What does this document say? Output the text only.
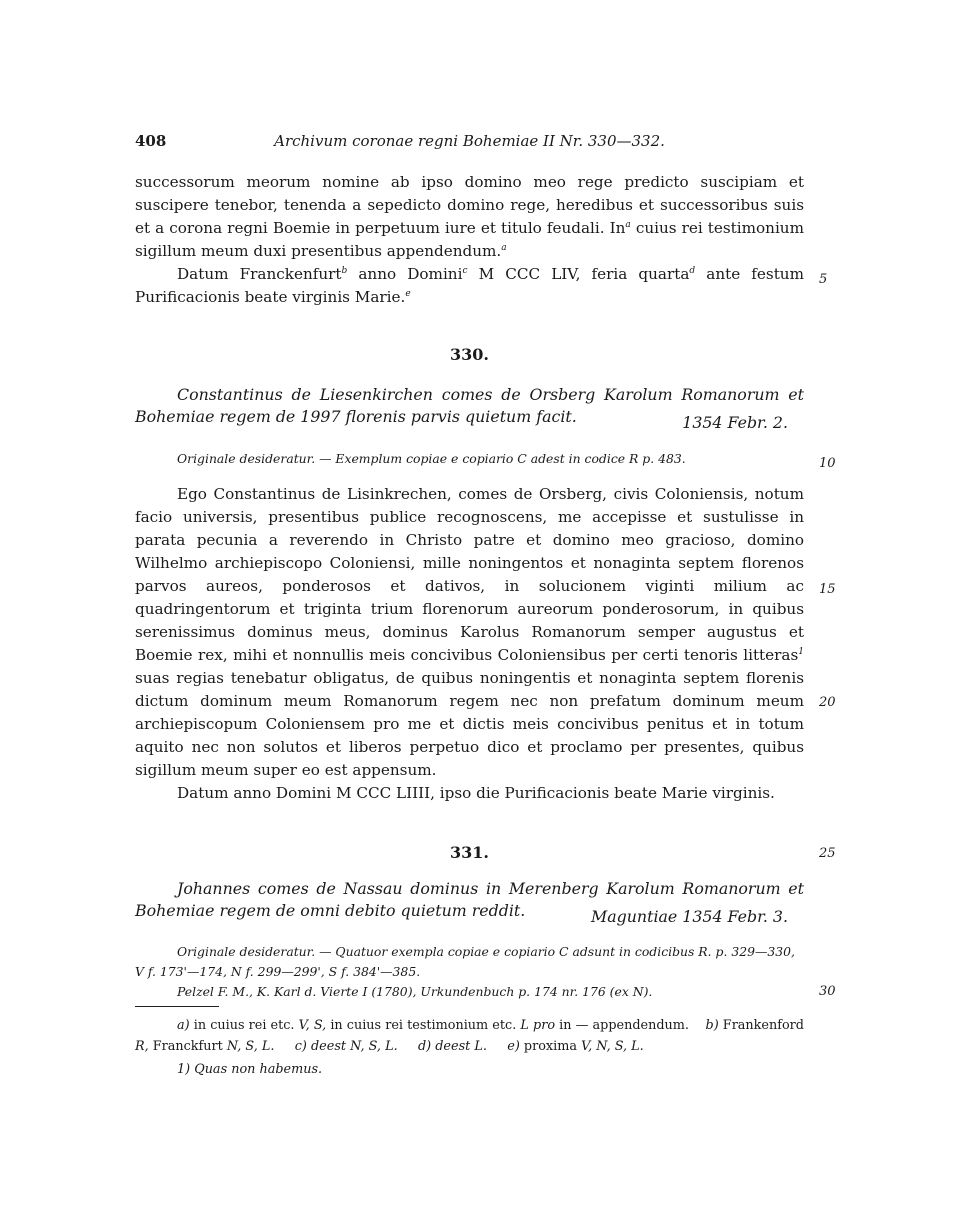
408	Archivum coronae regni Bohemiae II Nr. 330—332.

successorum meorum nomine ab ipso domino meo rege predicto suscipiam et suscipere tenebor, tenenda a sepedicto domino rege, heredibus et successoribus suis et a corona regni Boemie in perpetuum iure et titulo feudali. In$^a$ cuius rei testimonium sigillum meum duxi presentibus appendendum.$^a$

Datum Franckenfurt$^b$ anno Domini$^c$ M CCC LIV, feria quarta$^d$ ante festum Purificacionis beate virginis Marie.$^e$

330.

Constantinus de Liesenkirchen comes de Orsberg Karolum Romanorum et Bohemiae regem de 1997 florenis parvis quietum facit.	1354 Febr. 2.
Originale desideratur. — Exemplum copiae e copiario C adest in codice R p. 483.

Ego Constantinus de Lisinkrechen, comes de Orsberg, civis Coloniensis, notum facio universis, presentibus publice recognoscens, me accepisse et sustulisse in parata pecunia a reverendo in Christo patre et domino meo gracioso, domino Wilhelmo archiepiscopo Coloniensi, mille noningentos et nonaginta septem florenos parvos aureos, ponderosos et dativos, in solucionem viginti milium ac quadringentorum et triginta trium florenorum aureorum ponderosorum, in quibus serenissimus dominus meus, dominus Karolus Romanorum semper augustus et Boemie rex, mihi et nonnullis meis concivibus Coloniensibus per certi tenoris litteras$^1$ suas regias tenebatur obligatus, de quibus noningentis et nonaginta septem florenis dictum dominum meum Romanorum regem nec non prefatum dominum meum archiepiscopum Coloniensem pro me et dictis meis concivibus penitus et in totum aquito nec non solutos et liberos perpetuo dico et proclamo per presentes, quibus sigillum meum super eo est appensum.

Datum anno Domini M CCC LIIII, ipso die Purificacionis beate Marie virginis.

331.

Johannes comes de Nassau dominus in Merenberg Karolum Romanorum et Bohemiae regem de omni debito quietum reddit.	Maguntiae 1354 Febr. 3.

Originale desideratur. — Quatuor exempla copiae e copiario C adsunt in codicibus R. p. 329—330, V f. 173'—174, N f. 299—299', S f. 384'—385.

Pelzel F. M., K. Karl d. Vierte I (1780), Urkundenbuch p. 174 nr. 176 (ex N).

a) in cuius rei etc. V, S, in cuius rei testimonium etc. L pro in — appendendum. b) Frankenford R, Franckfurt N, S, L. c) deest N, S, L. d) deest L. e) proxima V, N, S, L.

1) Quas non habemus.

5
10
15
20
25
30
